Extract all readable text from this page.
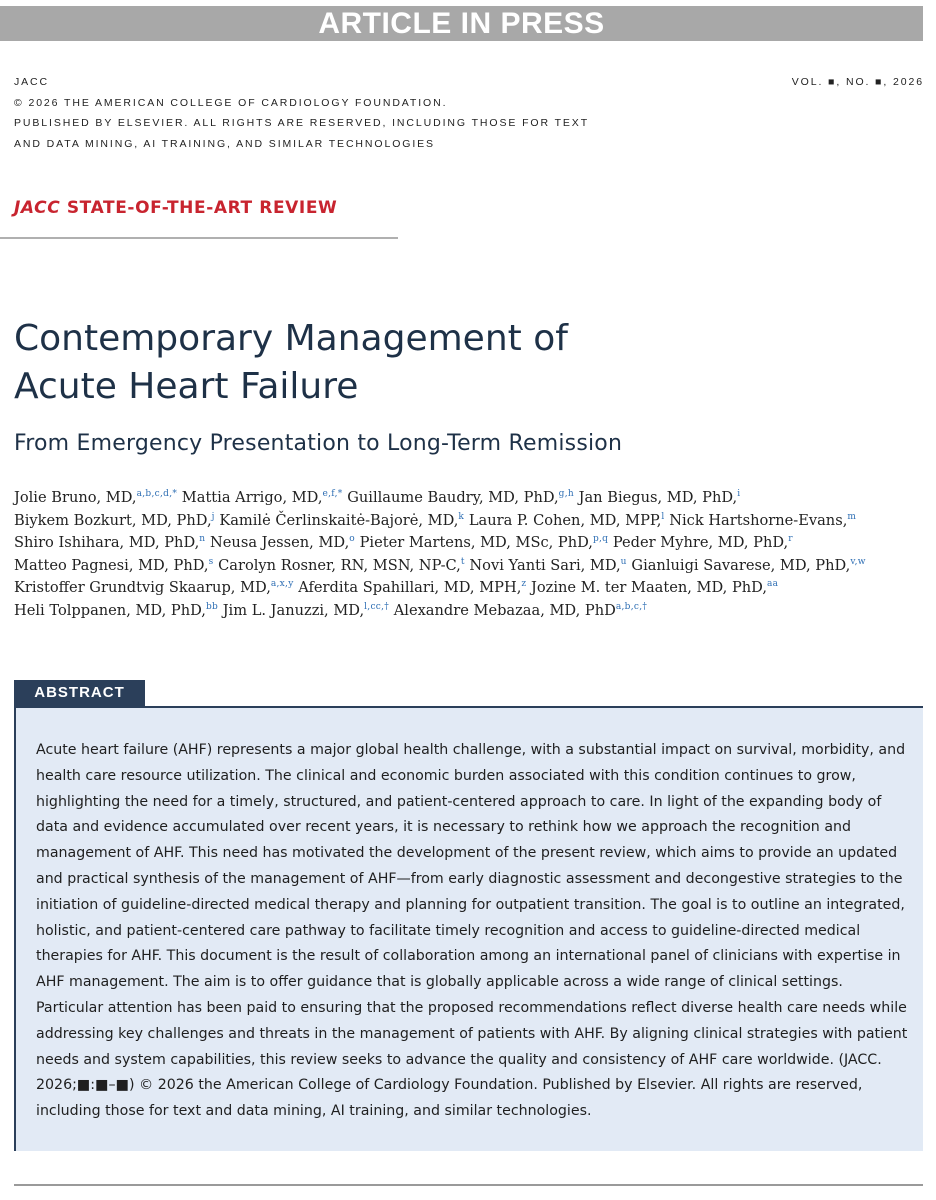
ARTICLE IN PRESS
JACC
© 2026 THE AMERICAN COLLEGE OF CARDIOLOGY FOUNDATION.
PUBLISHED BY ELSEVIER. ALL RIGHTS ARE RESERVED, INCLUDING THOSE FOR TEXT
AND DATA MINING, AI TRAINING, AND SIMILAR TECHNOLOGIES
VOL. ■, NO. ■, 2026
JACC STATE-OF-THE-ART REVIEW
Contemporary Management of
Acute Heart Failure
From Emergency Presentation to Long-Term Remission
Jolie Bruno, MD,$^{a,b,c,d,*}$ Mattia Arrigo, MD,$^{e,f,*}$ Guillaume Baudry, MD, PhD,$^{g,h}$ Jan Biegus, MD, PhD,$^i$
Biykem Bozkurt, MD, PhD,$^j$ Kamilė Čerlinskaitė-Bajorė, MD,$^k$ Laura P. Cohen, MD, MPP,$^l$ Nick Hartshorne-Evans,$^m$
Shiro Ishihara, MD, PhD,$^n$ Neusa Jessen, MD,$^o$ Pieter Martens, MD, MSc, PhD,$^{p,q}$ Peder Myhre, MD, PhD,$^r$
Matteo Pagnesi, MD, PhD,$^s$ Carolyn Rosner, RN, MSN, NP-C,$^t$ Novi Yanti Sari, MD,$^u$ Gianluigi Savarese, MD, PhD,$^{v,w}$
Kristoffer Grundtvig Skaarup, MD,$^{a,x,y}$ Aferdita Spahillari, MD, MPH,$^z$ Jozine M. ter Maaten, MD, PhD,$^{aa}$
Heli Tolppanen, MD, PhD,$^{bb}$ Jim L. Januzzi, MD,$^{l,cc,\dagger}$ Alexandre Mebazaa, MD, PhD$^{a,b,c,\dagger}$
ABSTRACT
Acute heart failure (AHF) represents a major global health challenge, with a substantial impact on survival, morbidity, and health care resource utilization. The clinical and economic burden associated with this condition continues to grow, highlighting the need for a timely, structured, and patient-centered approach to care. In light of the expanding body of data and evidence accumulated over recent years, it is necessary to rethink how we approach the recognition and management of AHF. This need has motivated the development of the present review, which aims to provide an updated and practical synthesis of the management of AHF—from early diagnostic assessment and decongestive strategies to the initiation of guideline-directed medical therapy and planning for outpatient transition. The goal is to outline an integrated, holistic, and patient-centered care pathway to facilitate timely recognition and access to guideline-directed medical therapies for AHF. This document is the result of collaboration among an international panel of clinicians with expertise in AHF management. The aim is to offer guidance that is globally applicable across a wide range of clinical settings. Particular attention has been paid to ensuring that the proposed recommendations reflect diverse health care needs while addressing key challenges and threats in the management of patients with AHF. By aligning clinical strategies with patient needs and system capabilities, this review seeks to advance the quality and consistency of AHF care worldwide. (JACC. 2026;■:■–■) © 2026 the American College of Cardiology Foundation. Published by Elsevier. All rights are reserved, including those for text and data mining, AI training, and similar technologies.
